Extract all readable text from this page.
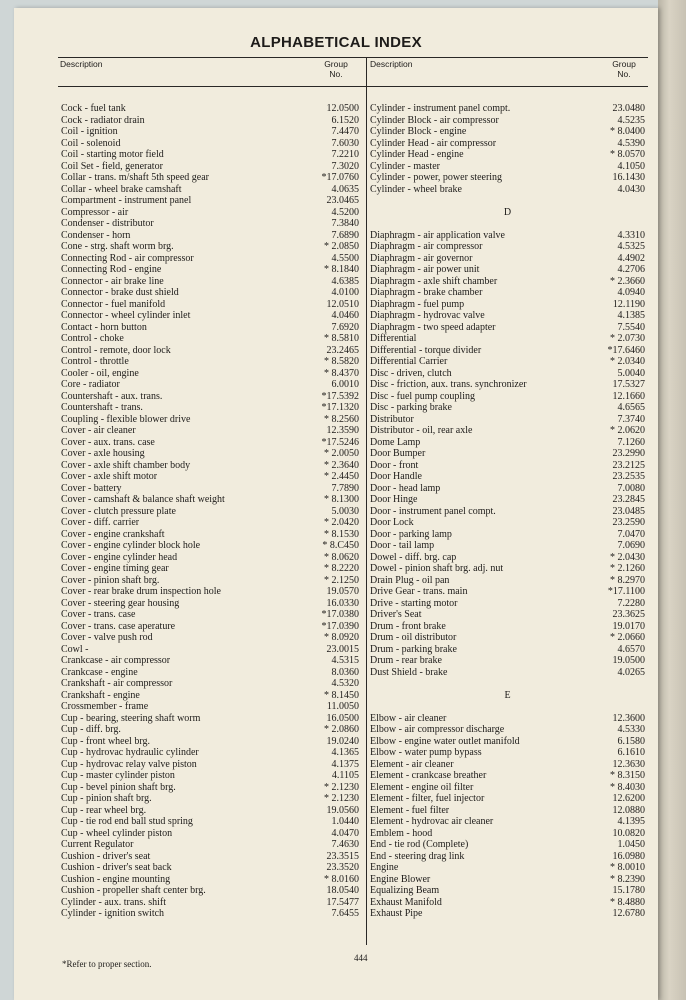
ALPHABETICAL INDEX
Description	Group
No.
Description	Group
No.
Cock - fuel tank	12.0500
Cock - radiator drain	6.1520
Coil - ignition	7.4470
Coil - solenoid	7.6030
Coil - starting motor field	7.2210
Coil Set - field, generator	7.3020
Collar - trans. m/shaft 5th speed gear	*17.0760
Collar - wheel brake camshaft	4.0635
Compartment - instrument panel	23.0465
Compressor - air	4.5200
Condenser - distributor	7.3840
Condenser - horn	7.6890
Cone - strg. shaft worm brg.	* 2.0850
Connecting Rod - air compressor	4.5500
Connecting Rod - engine	* 8.1840
Connector - air brake line	4.6385
Connector - brake dust shield	4.0100
Connector - fuel manifold	12.0510
Connector - wheel cylinder inlet	4.0460
Contact - horn button	7.6920
Control - choke	* 8.5810
Control - remote, door lock	23.2465
Control - throttle	* 8.5820
Cooler - oil, engine	* 8.4370
Core - radiator	6.0010
Countershaft - aux. trans.	*17.5392
Countershaft - trans.	*17.1320
Coupling - flexible blower drive	* 8.2560
Cover - air cleaner	12.3590
Cover - aux. trans. case	*17.5246
Cover - axle housing	* 2.0050
Cover - axle shift chamber body	* 2.3640
Cover - axle shift motor	* 2.4450
Cover - battery	7.7890
Cover - camshaft & balance shaft weight	* 8.1300
Cover - clutch pressure plate	5.0030
Cover - diff. carrier	* 2.0420
Cover - engine crankshaft	* 8.1530
Cover - engine cylinder block hole	* 8.C450
Cover - engine cylinder head	* 8.0620
Cover - engine timing gear	* 8.2220
Cover - pinion shaft brg.	* 2.1250
Cover - rear brake drum inspection hole	19.0570
Cover - steering gear housing	16.0330
Cover - trans. case	*17.0380
Cover - trans. case aperature	*17.0390
Cover - valve push rod	* 8.0920
Cowl -	23.0015
Crankcase - air compressor	4.5315
Crankcase - engine	8.0360
Crankshaft - air compressor	4.5320
Crankshaft - engine	* 8.1450
Crossmember - frame	11.0050
Cup - bearing, steering shaft worm	16.0500
Cup - diff. brg.	* 2.0860
Cup - front wheel brg.	19.0240
Cup - hydrovac hydraulic cylinder	4.1365
Cup - hydrovac relay valve piston	4.1375
Cup - master cylinder piston	4.1105
Cup - bevel pinion shaft brg.	* 2.1230
Cup - pinion shaft brg.	* 2.1230
Cup - rear wheel brg.	19.0560
Cup - tie rod end ball stud spring	1.0440
Cup - wheel cylinder piston	4.0470
Current Regulator	7.4630
Cushion - driver's seat	23.3515
Cushion - driver's seat back	23.3520
Cushion - engine mounting	* 8.0160
Cushion - propeller shaft center brg.	18.0540
Cylinder - aux. trans. shift	17.5477
Cylinder - ignition switch	7.6455
Cylinder - instrument panel compt.	23.0480
Cylinder Block - air compressor	4.5235
Cylinder Block - engine	* 8.0400
Cylinder Head - air compressor	4.5390
Cylinder Head - engine	* 8.0570
Cylinder - master	4.1050
Cylinder - power, power steering	16.1430
Cylinder - wheel brake	4.0430
D
Diaphragm - air application valve	4.3310
Diaphragm - air compressor	4.5325
Diaphragm - air governor	4.4902
Diaphragm - air power unit	4.2706
Diaphragm - axle shift chamber	* 2.3660
Diaphragm - brake chamber	4.0940
Diaphragm - fuel pump	12.1190
Diaphragm - hydrovac valve	4.1385
Diaphragm - two speed adapter	7.5540
Differential	* 2.0730
Differential - torque divider	*17.6460
Differential Carrier	* 2.0340
Disc - driven, clutch	5.0040
Disc - friction, aux. trans. synchronizer	17.5327
Disc - fuel pump coupling	12.1660
Disc - parking brake	4.6565
Distributor	7.3740
Distributor - oil, rear axle	* 2.0620
Dome Lamp	7.1260
Door Bumper	23.2990
Door - front	23.2125
Door Handle	23.2535
Door - head lamp	7.0080
Door Hinge	23.2845
Door - instrument panel compt.	23.0485
Door Lock	23.2590
Door - parking lamp	7.0470
Door - tail lamp	7.0690
Dowel - diff. brg. cap	* 2.0430
Dowel - pinion shaft brg. adj. nut	* 2.1260
Drain Plug - oil pan	* 8.2970
Drive Gear - trans. main	*17.1100
Drive - starting motor	7.2280
Driver's Seat	23.3625
Drum - front brake	19.0170
Drum - oil distributor	* 2.0660
Drum - parking brake	4.6570
Drum - rear brake	19.0500
Dust Shield - brake	4.0265
E
Elbow - air cleaner	12.3600
Elbow - air compressor discharge	4.5330
Elbow - engine water outlet manifold	6.1580
Elbow - water pump bypass	6.1610
Element - air cleaner	12.3630
Element - crankcase breather	* 8.3150
Element - engine oil filter	* 8.4030
Element - filter, fuel injector	12.6200
Element - fuel filter	12.0880
Element - hydrovac air cleaner	4.1395
Emblem - hood	10.0820
End - tie rod (Complete)	1.0450
End - steering drag link	16.0980
Engine	* 8.0010
Engine Blower	* 8.2390
Equalizing Beam	15.1780
Exhaust Manifold	* 8.4880
Exhaust Pipe	12.6780
444
*Refer to proper section.
